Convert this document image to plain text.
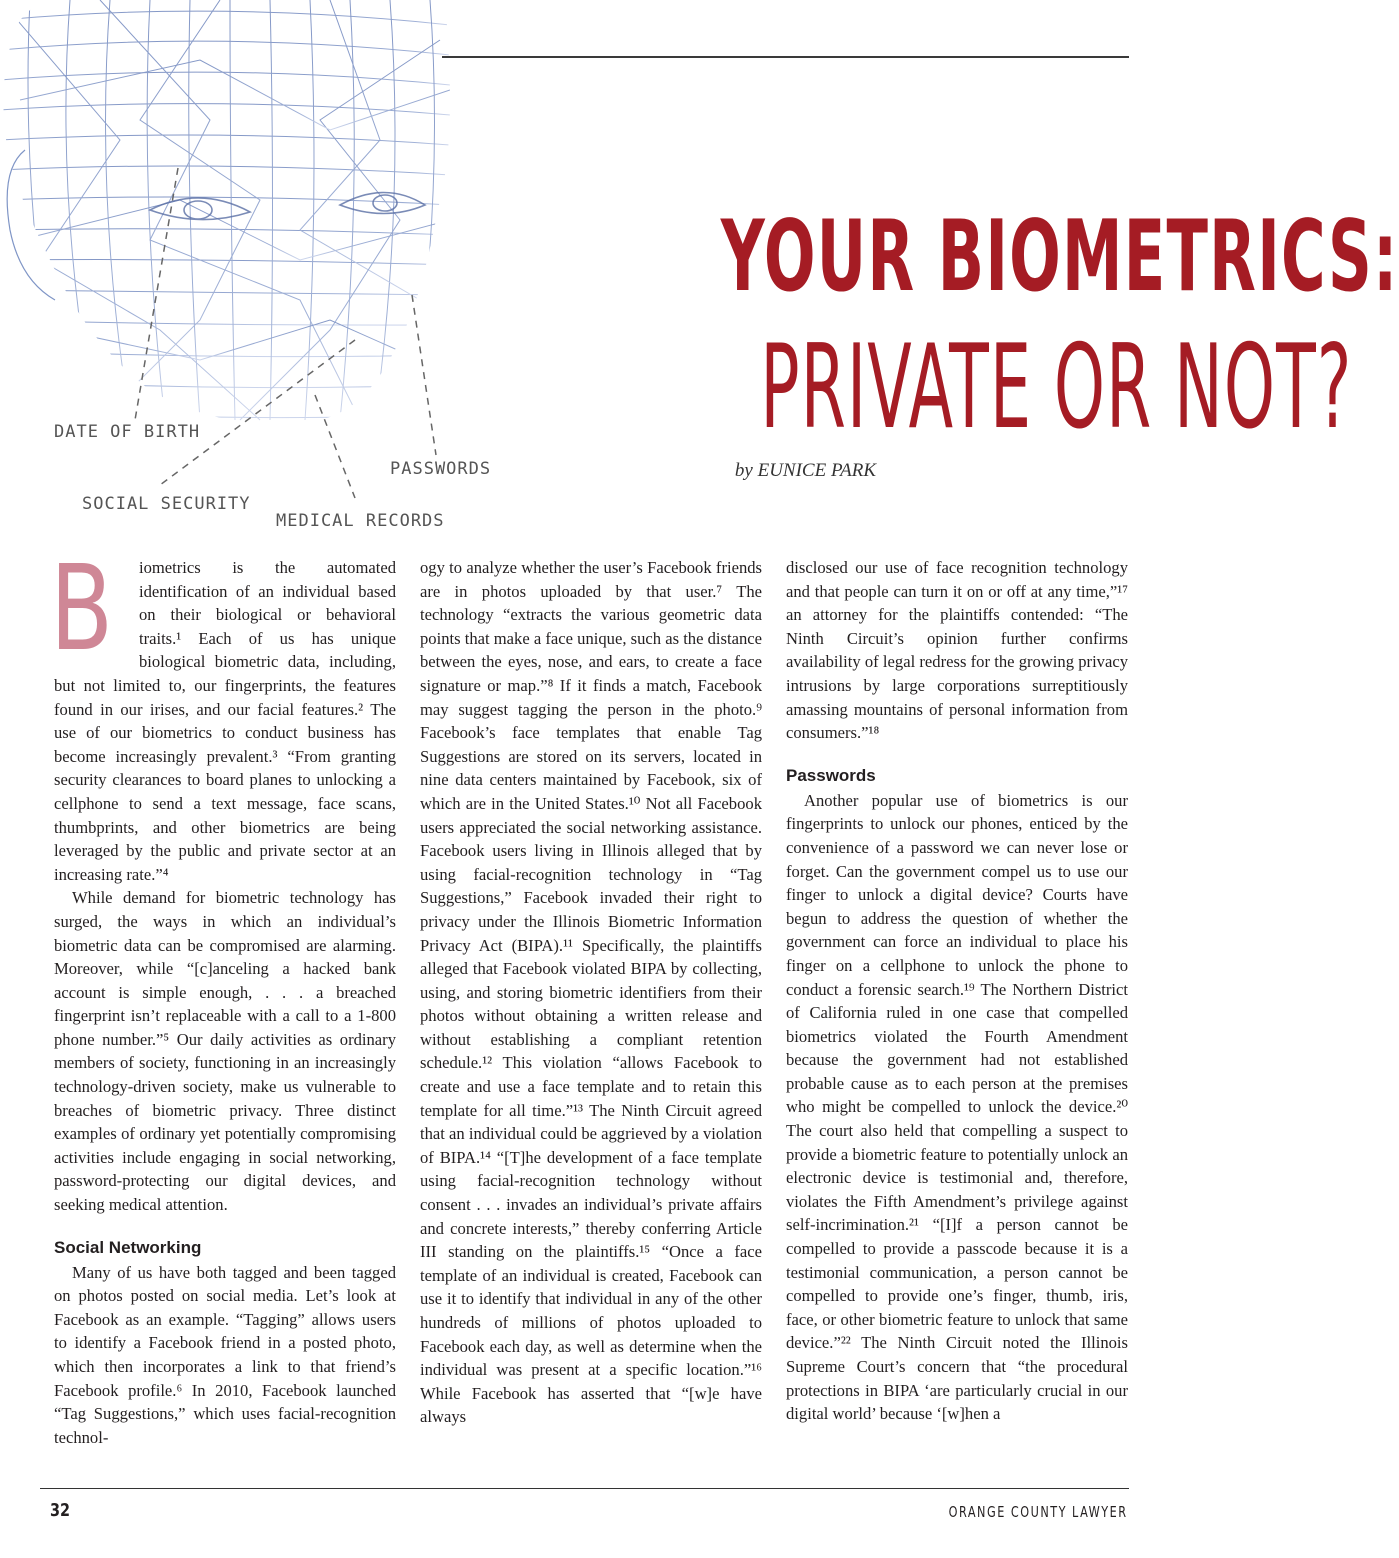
DATE OF BIRTH
SOCIAL SECURITY
MEDICAL RECORDS
PASSWORDS
YOUR BIOMETRICS:
PRIVATE OR NOT?
by EUNICE PARK

B iometrics is the automated identification of an individual based on their biological or behavioral traits.¹ Each of us has unique biological biometric data, including, but not limited to, our fingerprints, the features found in our irises, and our facial features.² The use of our biometrics to conduct business has become increasingly prevalent.³ “From granting security clearances to board planes to unlocking a cellphone to send a text message, face scans, thumbprints, and other biometrics are being leveraged by the public and private sector at an increasing rate.”⁴

While demand for biometric technology has surged, the ways in which an individual’s biometric data can be compromised are alarming. Moreover, while “[c]anceling a hacked bank account is simple enough, . . . a breached fingerprint isn’t replaceable with a call to a 1-800 phone number.”⁵ Our daily activities as ordinary members of society, functioning in an increasingly technology-driven society, make us vulnerable to breaches of biometric privacy. Three distinct examples of ordinary yet potentially compromising activities include engaging in social networking, password-protecting our digital devices, and seeking medical attention.

Social Networking

Many of us have both tagged and been tagged on photos posted on social media. Let’s look at Facebook as an example. “Tagging” allows users to identify a Facebook friend in a posted photo, which then incorporates a link to that friend’s Facebook profile.⁶ In 2010, Facebook launched “Tag Suggestions,” which uses facial-recognition technol-

ogy to analyze whether the user’s Facebook friends are in photos uploaded by that user.⁷ The technology “extracts the various geometric data points that make a face unique, such as the distance between the eyes, nose, and ears, to create a face signature or map.”⁸ If it finds a match, Facebook may suggest tagging the person in the photo.⁹ Facebook’s face templates that enable Tag Suggestions are stored on its servers, located in nine data centers maintained by Facebook, six of which are in the United States.¹⁰ Not all Facebook users appreciated the social networking assistance. Facebook users living in Illinois alleged that by using facial-recognition technology in “Tag Suggestions,” Facebook invaded their right to privacy under the Illinois Biometric Information Privacy Act (BIPA).¹¹ Specifically, the plaintiffs alleged that Facebook violated BIPA by collecting, using, and storing biometric identifiers from their photos without obtaining a written release and without establishing a compliant retention schedule.¹² This violation “allows Facebook to create and use a face template and to retain this template for all time.”¹³ The Ninth Circuit agreed that an individual could be aggrieved by a violation of BIPA.¹⁴ “[T]he development of a face template using facial-recognition technology without consent . . . invades an individual’s private affairs and concrete interests,” thereby conferring Article III standing on the plaintiffs.¹⁵ “Once a face template of an individual is created, Facebook can use it to identify that individual in any of the other hundreds of millions of photos uploaded to Facebook each day, as well as determine when the individual was present at a specific location.”¹⁶ While Facebook has asserted that “[w]e have always

disclosed our use of face recognition technology and that people can turn it on or off at any time,”¹⁷ an attorney for the plaintiffs contended: “The Ninth Circuit’s opinion further confirms availability of legal redress for the growing privacy intrusions by large corporations surreptitiously amassing mountains of personal information from consumers.”¹⁸

Passwords

Another popular use of biometrics is our fingerprints to unlock our phones, enticed by the convenience of a password we can never lose or forget. Can the government compel us to use our finger to unlock a digital device? Courts have begun to address the question of whether the government can force an individual to place his finger on a cellphone to unlock the phone to conduct a forensic search.¹⁹ The Northern District of California ruled in one case that compelled biometrics violated the Fourth Amendment because the government had not established probable cause as to each person at the premises who might be compelled to unlock the device.²⁰ The court also held that compelling a suspect to provide a biometric feature to potentially unlock an electronic device is testimonial and, therefore, violates the Fifth Amendment’s privilege against self-incrimination.²¹ “[I]f a person cannot be compelled to provide a passcode because it is a testimonial communication, a person cannot be compelled to provide one’s finger, thumb, iris, face, or other biometric feature to unlock that same device.”²² The Ninth Circuit noted the Illinois Supreme Court’s concern that “the procedural protections in BIPA ‘are particularly crucial in our digital world’ because ‘[w]hen a

32	ORANGE COUNTY LAWYER
